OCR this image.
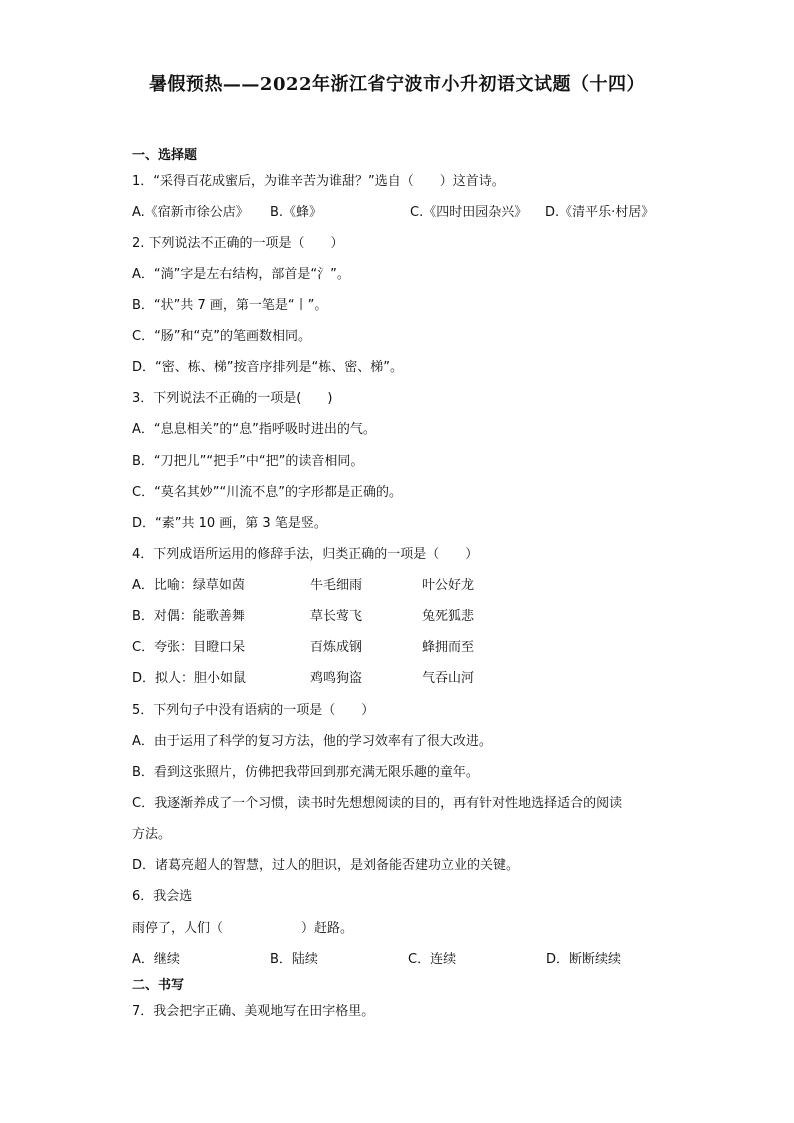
暑假预热——2022年浙江省宁波市小升初语文试题（十四）
一、选择题
1．“采得百花成蜜后，为谁辛苦为谁甜？”选自（　　）这首诗。
A.《宿新市徐公店》 B.《蜂》	C.《四时田园杂兴》 D.《清平乐·村居》
2. 下列说法不正确的一项是（　　）
A．“淌”字是左右结构，部首是“氵”。
B．“状”共 7 画，第一笔是“丨”。
C．“肠”和“克”的笔画数相同。
D．“密、栋、梯”按音序排列是“栋、密、梯”。
3．下列说法不正确的一项是(　　)
A．“息息相关”的“息”指呼吸时进出的气。
B．“刀把儿”“把手”中“把”的读音相同。
C．“莫名其妙”“川流不息”的字形都是正确的。
D．“素”共 10 画，第 3 笔是竖。
4．下列成语所运用的修辞手法，归类正确的一项是（　　）
A．比喻：绿草如茵	牛毛细雨	叶公好龙
B．对偶：能歌善舞	草长莺飞	兔死狐悲
C．夸张：目瞪口呆	百炼成钢	蜂拥而至
D．拟人：胆小如鼠	鸡鸣狗盗	气吞山河
5．下列句子中没有语病的一项是（　　）
A．由于运用了科学的复习方法，他的学习效率有了很大改进。
B．看到这张照片，仿佛把我带回到那充满无限乐趣的童年。
C．我逐渐养成了一个习惯，读书时先想想阅读的目的，再有针对性地选择适合的阅读
方法。
D．诸葛亮超人的智慧，过人的胆识，是刘备能否建功立业的关键。
6．我会选
雨停了，人们（　　　　　　）赶路。
A．继续	B．陆续	C．连续	D．断断续续
二、书写
7．我会把字正确、美观地写在田字格里。
